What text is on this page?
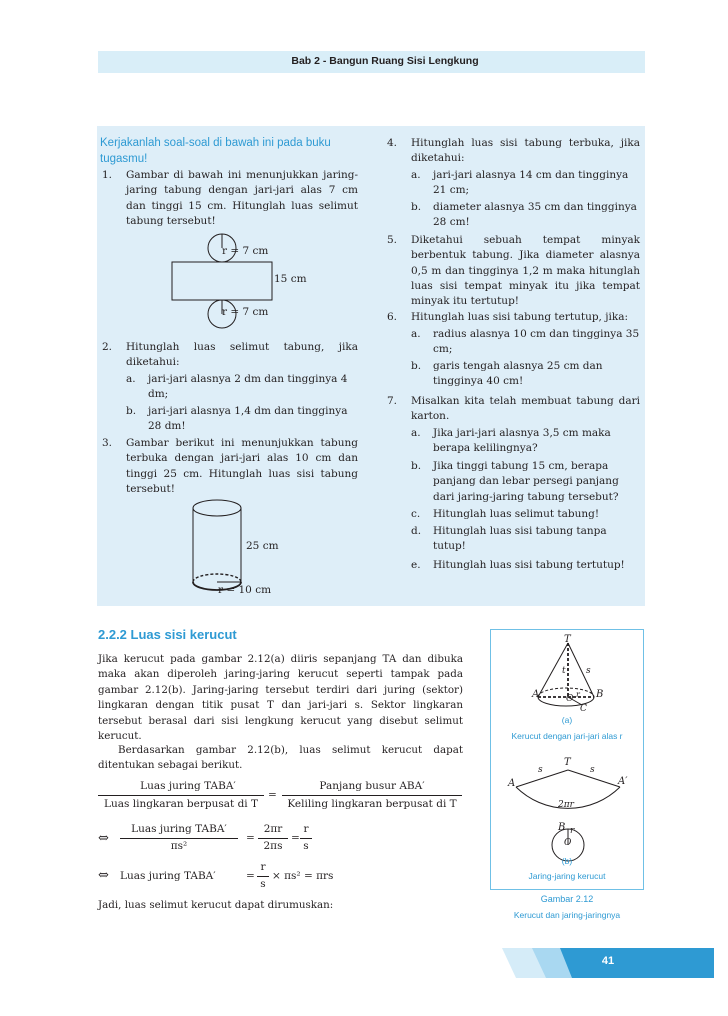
Bab 2 - Bangun Ruang Sisi Lengkung
Kerjakanlah soal-soal di bawah ini pada buku tugasmu!
1. Gambar di bawah ini menunjukkan jaring-jaring tabung dengan jari-jari alas 7 cm dan tinggi 15 cm. Hitunglah luas selimut tabung tersebut!
r = 7 cm
15 cm
r = 7 cm
2. Hitunglah luas selimut tabung, jika diketahui:
a. jari-jari alasnya 2 dm dan tingginya 4 dm;
b. jari-jari alasnya 1,4 dm dan tingginya 28 dm!
3. Gambar berikut ini menunjukkan tabung terbuka dengan jari-jari alas 10 cm dan tinggi 25 cm. Hitunglah luas sisi tabung tersebut!
25 cm
r = 10 cm
4. Hitunglah luas sisi tabung terbuka, jika diketahui:
a. jari-jari alasnya 14 cm dan tingginya 21 cm;
b. diameter alasnya 35 cm dan tingginya 28 cm!
5. Diketahui sebuah tempat minyak berbentuk tabung. Jika diameter alasnya 0,5 m dan tingginya 1,2 m maka hitunglah luas sisi tempat minyak itu jika tempat minyak itu tertutup!
6. Hitunglah luas sisi tabung tertutup, jika:
a. radius alasnya 10 cm dan tingginya 35 cm;
b. garis tengah alasnya 25 cm dan tingginya 40 cm!
7. Misalkan kita telah membuat tabung dari karton.
a. Jika jari-jari alasnya 3,5 cm maka berapa kelilingnya?
b. Jika tinggi tabung 15 cm, berapa panjang dan lebar persegi panjang dari jaring-jaring tabung tersebut?
c. Hitunglah luas selimut tabung!
d. Hitunglah luas sisi tabung tanpa tutup!
e. Hitunglah luas sisi tabung tertutup!
2.2.2 Luas sisi kerucut
Jika kerucut pada gambar 2.12(a) diiris sepanjang TA dan dibuka maka akan diperoleh jaring-jaring kerucut seperti tampak pada gambar 2.12(b). Jaring-jaring tersebut terdiri dari juring (sektor) lingkaran dengan titik pusat T dan jari-jari s. Sektor lingkaran tersebut berasal dari sisi lengkung kerucut yang disebut selimut kerucut.
Berdasarkan gambar 2.12(b), luas selimut kerucut dapat ditentukan sebagai berikut.
Luas juring TABA′
Luas lingkaran berpusat di T
=
Panjang busur ABA′
Keliling lingkaran berpusat di T
⇔
Luas juring TABA′
πs²
=
2πr
2πs
=
r
s
⇔ Luas juring TABA′	=
r
s
× πs² = πrs
Jadi, luas selimut kerucut dapat dirumuskan:
T
t s
A	B
O
C
r
(a)
Kerucut dengan jari-jari alas r
T
A	A′
s	s
2πr
B r
O
(b)
Jaring-jaring kerucut
Gambar 2.12
Kerucut dan jaring-jaringnya
41
